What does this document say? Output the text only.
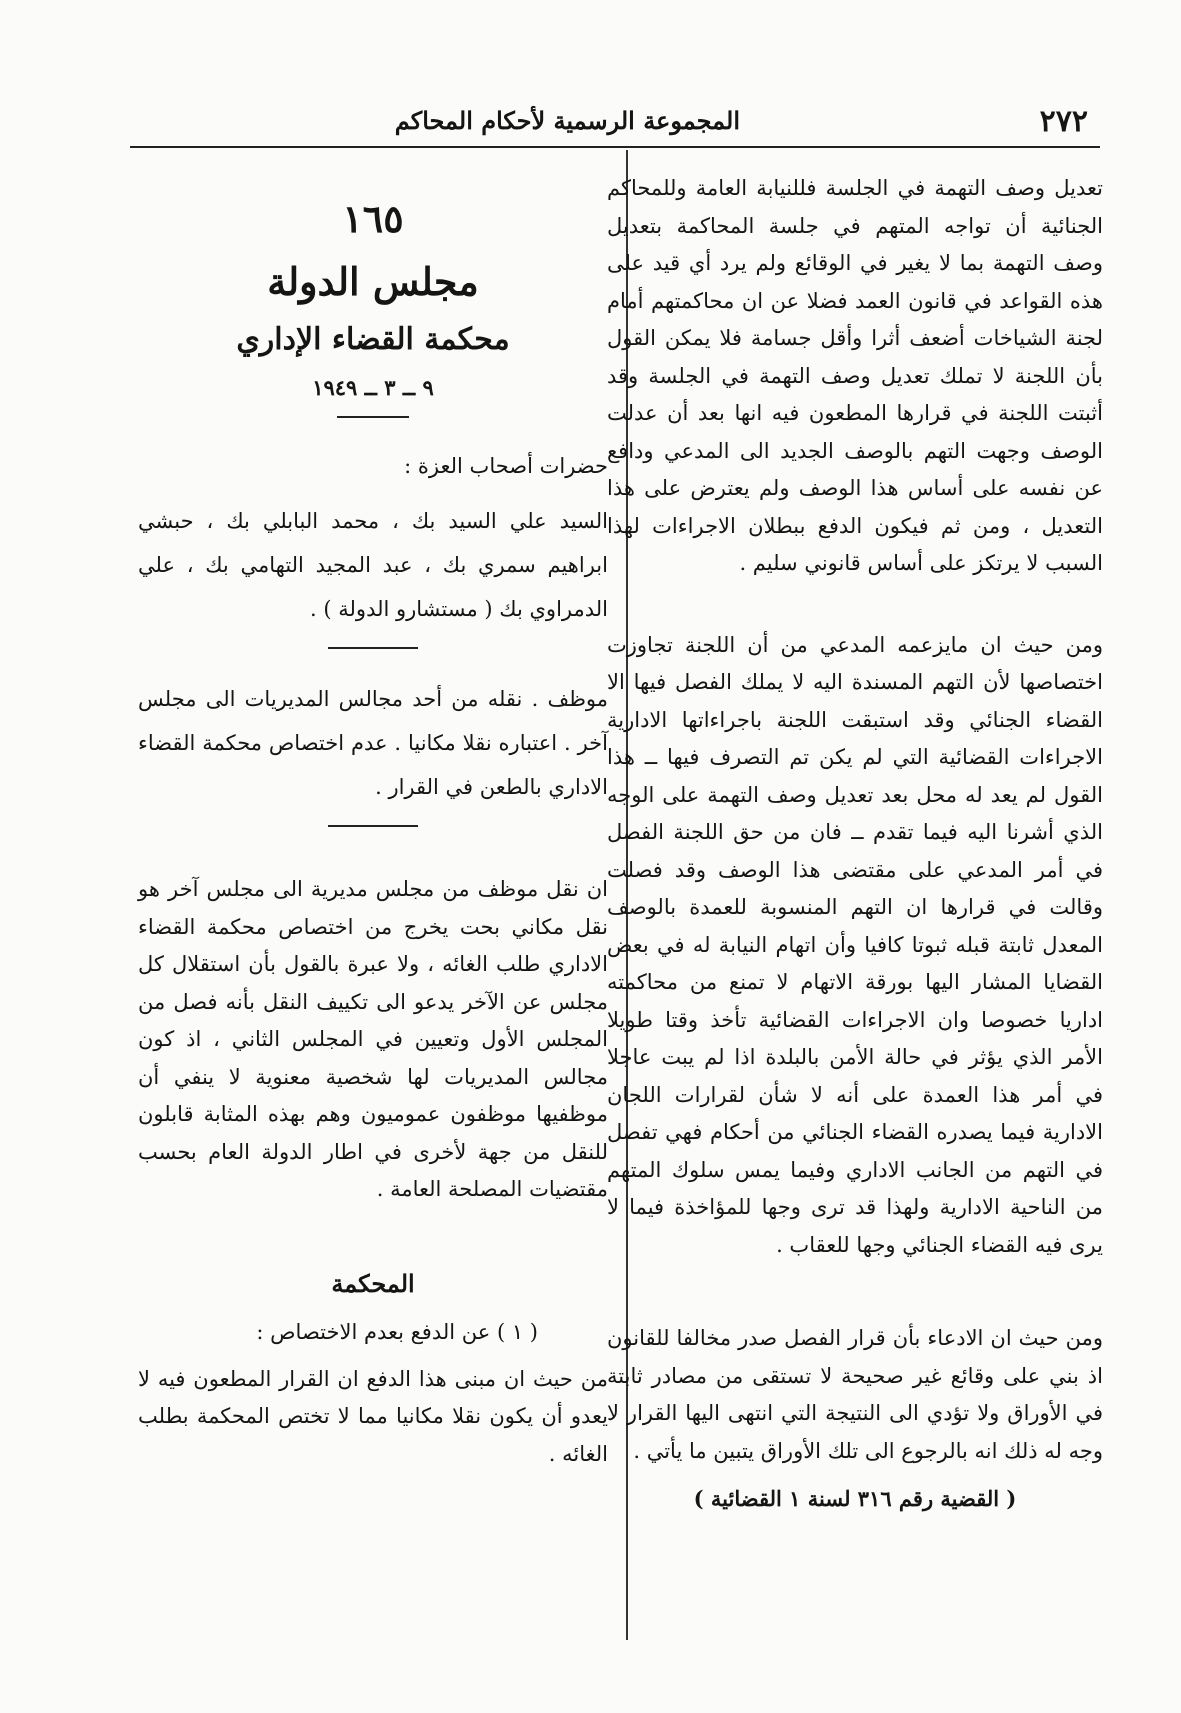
٢٧٢
المجموعة الرسمية لأحكام المحاكم

تعديل وصف التهمة في الجلسة فللنيابة العامة وللمحاكم الجنائية أن تواجه المتهم في جلسة المحاكمة بتعديل وصف التهمة بما لا يغير في الوقائع ولم يرد أي قيد على هذه القواعد في قانون العمد فضلا عن ان محاكمتهم أمام لجنة الشياخات أضعف أثرا وأقل جسامة فلا يمكن القول بأن اللجنة لا تملك تعديل وصف التهمة في الجلسة وقد أثبتت اللجنة في قرارها المطعون فيه انها بعد أن عدلت الوصف وجهت التهم بالوصف الجديد الى المدعي ودافع عن نفسه على أساس هذا الوصف ولم يعترض على هذا التعديل ، ومن ثم فيكون الدفع ببطلان الاجراءات لهذا السبب لا يرتكز على أساس قانوني سليم .

ومن حيث ان مايزعمه المدعي من أن اللجنة تجاوزت اختصاصها لأن التهم المسندة اليه لا يملك الفصل فيها الا القضاء الجنائي وقد استبقت اللجنة باجراءاتها الادارية الاجراءات القضائية التي لم يكن تم التصرف فيها ــ هذا القول لم يعد له محل بعد تعديل وصف التهمة على الوجه الذي أشرنا اليه فيما تقدم ــ فان من حق اللجنة الفصل في أمر المدعي على مقتضى هذا الوصف وقد فصلت وقالت في قرارها ان التهم المنسوبة للعمدة بالوصف المعدل ثابتة قبله ثبوتا كافيا وأن اتهام النيابة له في بعض القضايا المشار اليها بورقة الاتهام لا تمنع من محاكمته اداريا خصوصا وان الاجراءات القضائية تأخذ وقتا طويلا الأمر الذي يؤثر في حالة الأمن بالبلدة اذا لم يبت عاجلا في أمر هذا العمدة على أنه لا شأن لقرارات اللجان الادارية فيما يصدره القضاء الجنائي من أحكام فهي تفصل في التهم من الجانب الاداري وفيما يمس سلوك المتهم من الناحية الادارية ولهذا قد ترى وجها للمؤاخذة فيما لا يرى فيه القضاء الجنائي وجها للعقاب .

ومن حيث ان الادعاء بأن قرار الفصل صدر مخالفا للقانون اذ بني على وقائع غير صحيحة لا تستقى من مصادر ثابتة في الأوراق ولا تؤدي الى النتيجة التي انتهى اليها القرار لا وجه له ذلك انه بالرجوع الى تلك الأوراق يتبين ما يأتي .

( القضية رقم ٣١٦ لسنة ١ القضائية )
١٦٥
مجلس الدولة
محكمة القضاء الإداري
٩ ــ ٣ ــ ١٩٤٩

حضرات أصحاب العزة :

السيد علي السيد بك ، محمد البابلي بك ، حبشي ابراهيم سمري بك ، عبد المجيد التهامي بك ، علي الدمراوي بك ( مستشارو الدولة ) .

موظف . نقله من أحد مجالس المديريات الى مجلس آخر . اعتباره نقلا مكانيا . عدم اختصاص محكمة القضاء الاداري بالطعن في القرار .

ان نقل موظف من مجلس مديرية الى مجلس آخر هو نقل مكاني بحت يخرج من اختصاص محكمة القضاء الاداري طلب الغائه ، ولا عبرة بالقول بأن استقلال كل مجلس عن الآخر يدعو الى تكييف النقل بأنه فصل من المجلس الأول وتعيين في المجلس الثاني ، اذ كون مجالس المديريات لها شخصية معنوية لا ينفي أن موظفيها موظفون عموميون وهم بهذه المثابة قابلون للنقل من جهة لأخرى في اطار الدولة العام بحسب مقتضيات المصلحة العامة .

المحكمة

( ١ ) عن الدفع بعدم الاختصاص :

من حيث ان مبنى هذا الدفع ان القرار المطعون فيه لا يعدو أن يكون نقلا مكانيا مما لا تختص المحكمة بطلب الغائه .
